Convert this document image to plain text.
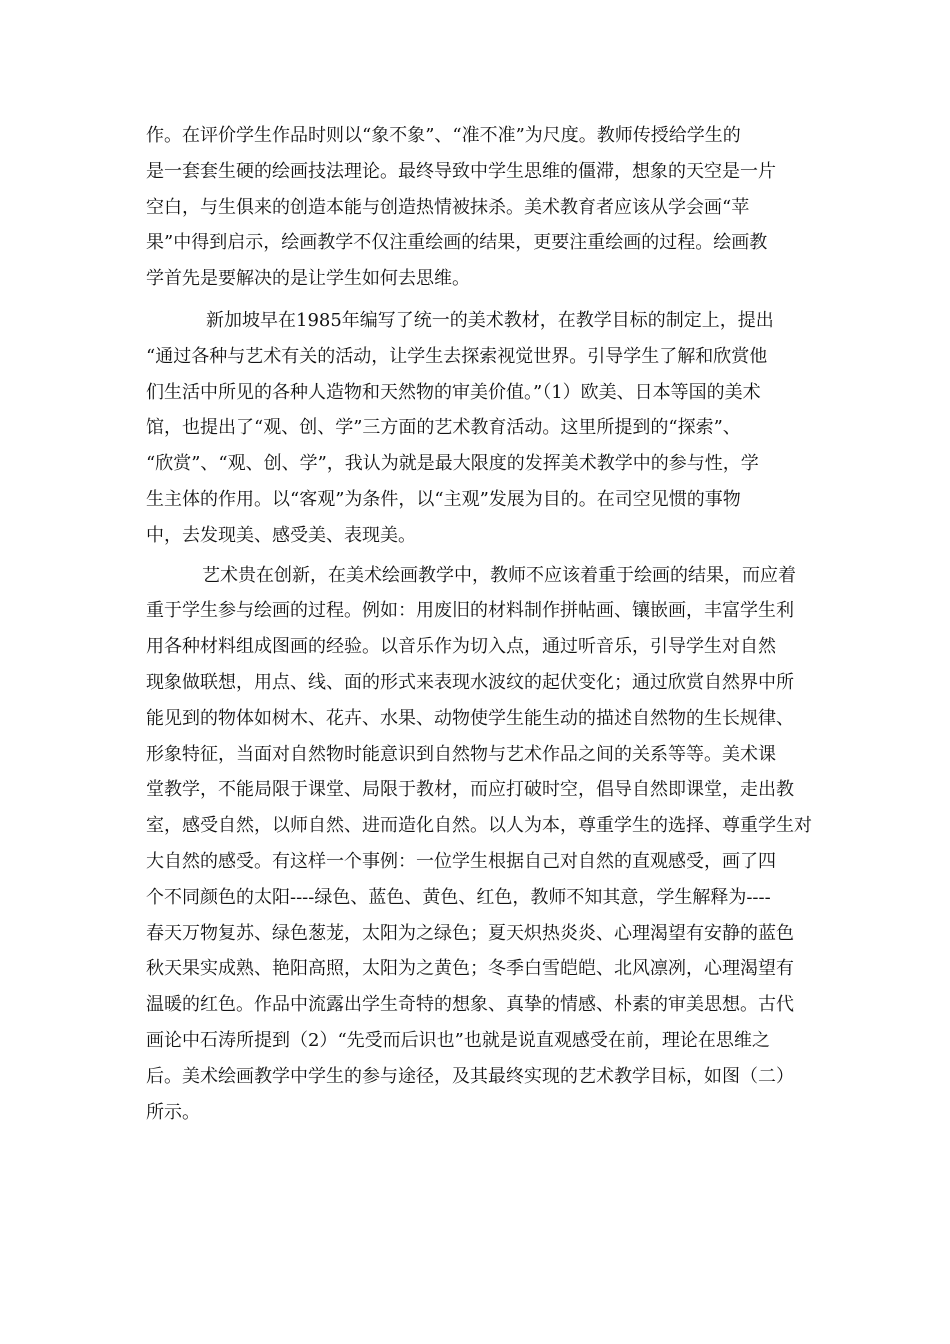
作。在评价学生作品时则以“象不象”、“准不准”为尺度。教师传授给学生的
是一套套生硬的绘画技法理论。最终导致中学生思维的僵滞，想象的天空是一片
空白，与生俱来的创造本能与创造热情被抹杀。美术教育者应该从学会画“苹
果”中得到启示，绘画教学不仅注重绘画的结果，更要注重绘画的过程。绘画教
学首先是要解决的是让学生如何去思维。
新加坡早在1985年编写了统一的美术教材，在教学目标的制定上，提出
“通过各种与艺术有关的活动，让学生去探索视觉世界。引导学生了解和欣赏他
们生活中所见的各种人造物和天然物的审美价值。”（1）欧美、日本等国的美术
馆，也提出了“观、创、学”三方面的艺术教育活动。这里所提到的“探索”、
“欣赏”、“观、创、学”，我认为就是最大限度的发挥美术教学中的参与性，学
生主体的作用。以“客观”为条件，以“主观”发展为目的。在司空见惯的事物
中，去发现美、感受美、表现美。
艺术贵在创新，在美术绘画教学中，教师不应该着重于绘画的结果，而应着
重于学生参与绘画的过程。例如：用废旧的材料制作拼帖画、镶嵌画，丰富学生利
用各种材料组成图画的经验。以音乐作为切入点，通过听音乐，引导学生对自然
现象做联想，用点、线、面的形式来表现水波纹的起伏变化；通过欣赏自然界中所
能见到的物体如树木、花卉、水果、动物使学生能生动的描述自然物的生长规律、
形象特征，当面对自然物时能意识到自然物与艺术作品之间的关系等等。美术课
堂教学，不能局限于课堂、局限于教材，而应打破时空，倡导自然即课堂，走出教
室，感受自然，以师自然、进而造化自然。以人为本，尊重学生的选择、尊重学生对
大自然的感受。有这样一个事例：一位学生根据自己对自然的直观感受，画了四
个不同颜色的太阳----绿色、蓝色、黄色、红色，教师不知其意，学生解释为----
春天万物复苏、绿色葱茏，太阳为之绿色；夏天炽热炎炎、心理渴望有安静的蓝色
秋天果实成熟、艳阳高照，太阳为之黄色；冬季白雪皑皑、北风凛冽，心理渴望有
温暖的红色。作品中流露出学生奇特的想象、真挚的情感、朴素的审美思想。古代
画论中石涛所提到（2）“先受而后识也”也就是说直观感受在前，理论在思维之
后。美术绘画教学中学生的参与途径，及其最终实现的艺术教学目标，如图（二）
所示。
